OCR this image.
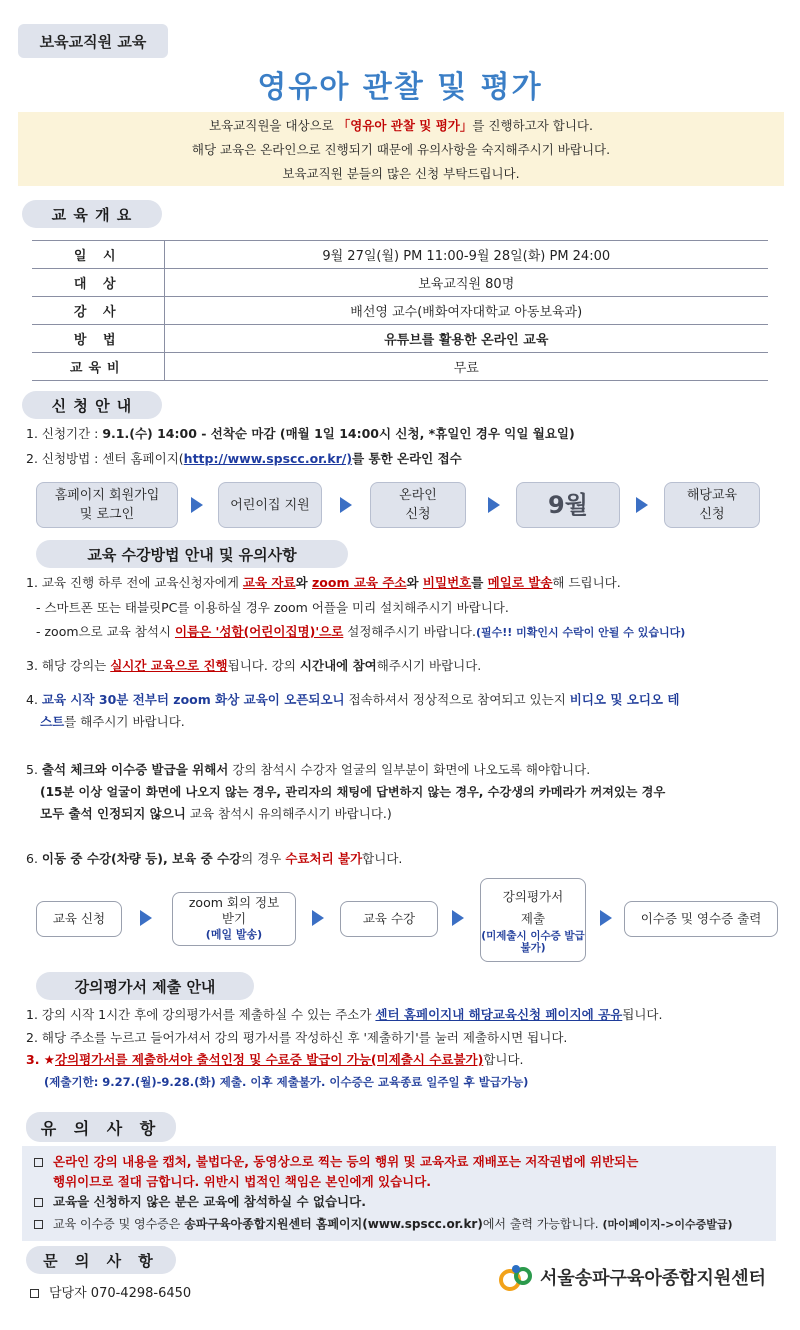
보육교직원 교육
영유아 관찰 및 평가
보육교직원을 대상으로 「영유아 관찰 및 평가」를 진행하고자 합니다.
해당 교육은 온라인으로 진행되기 때문에 유의사항을 숙지해주시기 바랍니다.
보육교직원 분들의 많은 신청 부탁드립니다.
교 육 개 요
일 시	9월 27일(월) PM 11:00-9월 28일(화) PM 24:00
대 상	보육교직원 80명
강 사	배선영 교수(배화여자대학교 아동보육과)
방 법	유튜브를 활용한 온라인 교육
교육비	무료
신 청 안 내
1. 신청기간 : 9.1.(수) 14:00 - 선착순 마감 (매월 1일 14:00시 신청, *휴일인 경우 익일 월요일)
2. 신청방법 : 센터 홈페이지(http://www.spscc.or.kr/)를 통한 온라인 접수
홈페이지 회원가입
및 로그인
어린이집 지원
온라인
신청	9월	해당교육
신청
교육 수강방법 안내 및 유의사항
1. 교육 진행 하루 전에 교육신청자에게 교육 자료와 zoom 교육 주소와 비밀번호를 메일로 발송해 드립니다.
- 스마트폰 또는 태블릿PC를 이용하실 경우 zoom 어플을 미리 설치해주시기 바랍니다.
- zoom으로 교육 참석시 이름은 '성함(어린이집명)'으로 설정해주시기 바랍니다.(필수!! 미확인시 수락이 안될 수 있습니다)
3. 해당 강의는 실시간 교육으로 진행됩니다. 강의 시간내에 참여해주시기 바랍니다.
4. 교육 시작 30분 전부터 zoom 화상 교육이 오픈되오니 접속하셔서 정상적으로 참여되고 있는지 비디오 및 오디오 테
스트를 해주시기 바랍니다.
5. 출석 체크와 이수증 발급을 위해서 강의 참석시 수강자 얼굴의 일부분이 화면에 나오도록 해야합니다.
(15분 이상 얼굴이 화면에 나오지 않는 경우, 관리자의 채팅에 답변하지 않는 경우, 수강생의 카메라가 꺼져있는 경우
모두 출석 인정되지 않으니 교육 참석시 유의해주시기 바랍니다.)
6. 이동 중 수강(차량 등), 보육 중 수강의 경우 수료처리 불가합니다.
교육 신청
zoom 회의 정보
받기
(메일 발송)
교육 수강
강의평가서
제출
(미제출시 이수증 발급 불가)
이수증 및 영수증 출력
강의평가서 제출 안내
1. 강의 시작 1시간 후에 강의평가서를 제출하실 수 있는 주소가 센터 홈페이지내 해당교육신청 페이지에 공유됩니다.
2. 해당 주소를 누르고 들어가셔서 강의 평가서를 작성하신 후 '제출하기'를 눌러 제출하시면 됩니다.
3. ★강의평가서를 제출하셔야 출석인정 및 수료증 발급이 가능(미제출시 수료불가)합니다.
(제출기한: 9.27.(월)-9.28.(화) 제출. 이후 제출불가. 이수증은 교육종료 일주일 후 발급가능)
유 의 사 항
온라인 강의 내용을 캡처, 불법다운, 동영상으로 찍는 등의 행위 및 교육자료 재배포는 저작권법에 위반되는
행위이므로 절대 금합니다. 위반시 법적인 책임은 본인에게 있습니다.
교육을 신청하지 않은 분은 교육에 참석하실 수 없습니다.
교육 이수증 및 영수증은 송파구육아종합지원센터 홈페이지(www.spscc.or.kr)에서 출력 가능합니다. (마이페이지->이수증발급)
문 의 사 항
담당자 070-4298-6450
서울송파구육아종합지원센터
